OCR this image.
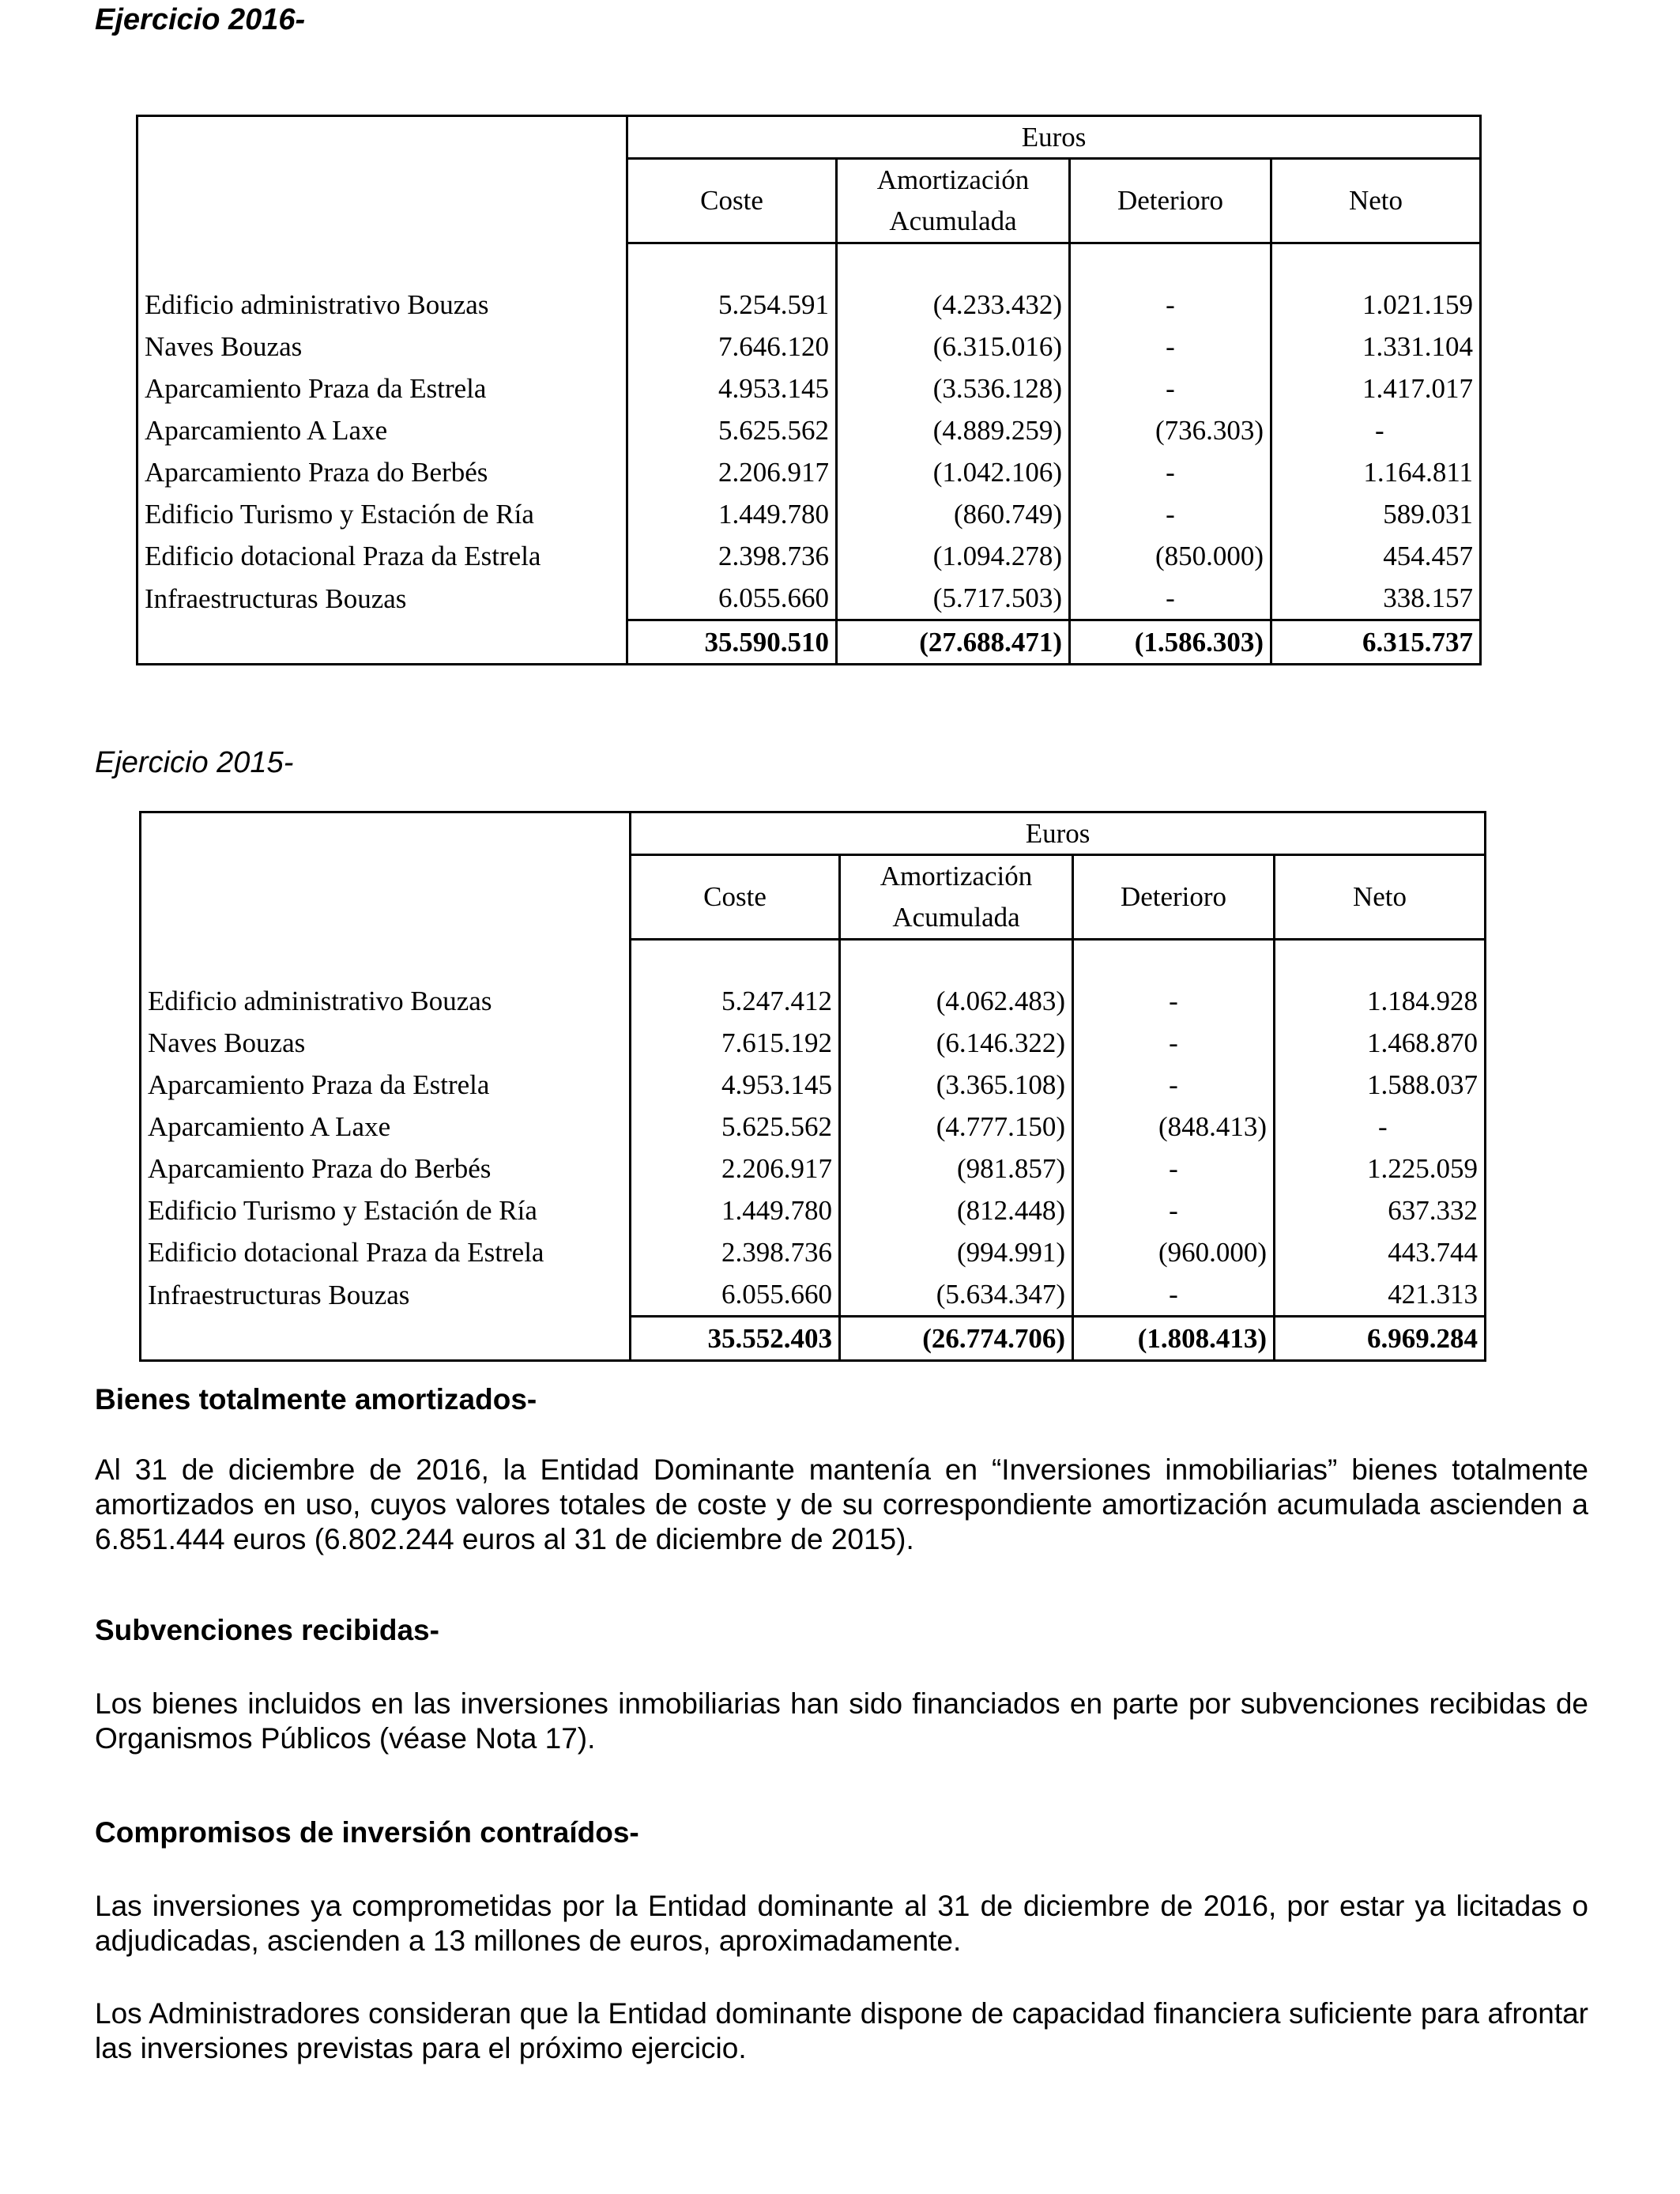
Ejercicio 2016-
	Euros			
	Coste	Amortización Acumulada	Deterioro	Neto

Edificio administrativo Bouzas	5.254.591	(4.233.432)	-	1.021.159
Naves Bouzas	7.646.120	(6.315.016)	-	1.331.104
Aparcamiento Praza da Estrela	4.953.145	(3.536.128)	-	1.417.017
Aparcamiento A Laxe	5.625.562	(4.889.259)	(736.303)	-
Aparcamiento Praza do Berbés	2.206.917	(1.042.106)	-	1.164.811
Edificio Turismo y Estación de Ría	1.449.780	(860.749)	-	589.031
Edificio dotacional Praza da Estrela	2.398.736	(1.094.278)	(850.000)	454.457
Infraestructuras Bouzas	6.055.660	(5.717.503)	-	338.157
	35.590.510	(27.688.471)	(1.586.303)	6.315.737
Ejercicio 2015-
	Euros			
	Coste	Amortización Acumulada	Deterioro	Neto

Edificio administrativo Bouzas	5.247.412	(4.062.483)	-	1.184.928
Naves Bouzas	7.615.192	(6.146.322)	-	1.468.870
Aparcamiento Praza da Estrela	4.953.145	(3.365.108)	-	1.588.037
Aparcamiento A Laxe	5.625.562	(4.777.150)	(848.413)	-
Aparcamiento Praza do Berbés	2.206.917	(981.857)	-	1.225.059
Edificio Turismo y Estación de Ría	1.449.780	(812.448)	-	637.332
Edificio dotacional Praza da Estrela	2.398.736	(994.991)	(960.000)	443.744
Infraestructuras Bouzas	6.055.660	(5.634.347)	-	421.313
	35.552.403	(26.774.706)	(1.808.413)	6.969.284
Bienes totalmente amortizados-
Al 31 de diciembre de 2016, la Entidad Dominante mantenía en “Inversiones inmobiliarias” bienes totalmente amortizados en uso, cuyos valores totales de coste y de su correspondiente amortización acumulada ascienden a 6.851.444 euros (6.802.244 euros al 31 de diciembre de 2015).
Subvenciones recibidas-
Los bienes incluidos en las inversiones inmobiliarias han sido financiados en parte por subvenciones recibidas de Organismos Públicos (véase Nota 17).
Compromisos de inversión contraídos-
Las inversiones ya comprometidas por la Entidad dominante al 31 de diciembre de 2016, por estar ya licitadas o adjudicadas, ascienden a 13 millones de euros, aproximadamente.
Los Administradores consideran que la Entidad dominante dispone de capacidad financiera suficiente para afrontar las inversiones previstas para el próximo ejercicio.
